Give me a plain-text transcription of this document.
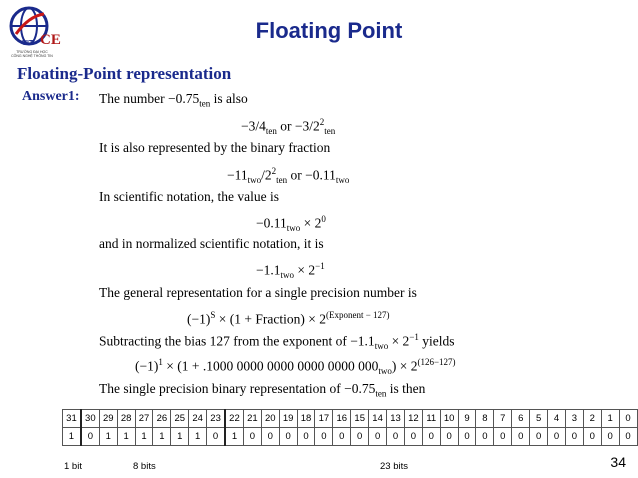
UIT CE
TRƯỜNG ĐẠI HỌC
CÔNG NGHỆ THÔNG TIN
Floating Point
Floating-Point representation
Answer1: The number $-0.75_{ten}$ is also
$-3/4_{ten}$ or $-3/2^2_{ten}$
It is also represented by the binary fraction
$-11_{two}/2^2_{ten}$ or $-0.11_{two}$
In scientific notation, the value is
$-0.11_{two} \times 2^0$
and in normalized scientific notation, it is
$-1.1_{two} \times 2^{-1}$
The general representation for a single precision number is
$(-1)^S \times (1$ + Fraction) × $2^{(Exponent - 127)}$
Subtracting the bias 127 from the exponent of $-1.1_{two} \times 2^{-1}$ yields
$(-1)^1 \times (1 + .1000$ 0000 0000 0000 0000 $000_{two}) \times 2^{(126-127)}$
The single precision binary representation of $-0.75_{ten}$ is then
31	30	29	28	27	26	25	24	23	22	21	20	19	18	17	16	15	14	13	12	11	10	9	8	7	6	5	4	3	2	1	0
1	0	1	1	1	1	1	1	0	1	0	0	0	0	0	0	0	0	0	0	0	0	0	0	0	0	0	0	0	0	0	0
1 bit	8 bits	23 bits	34
